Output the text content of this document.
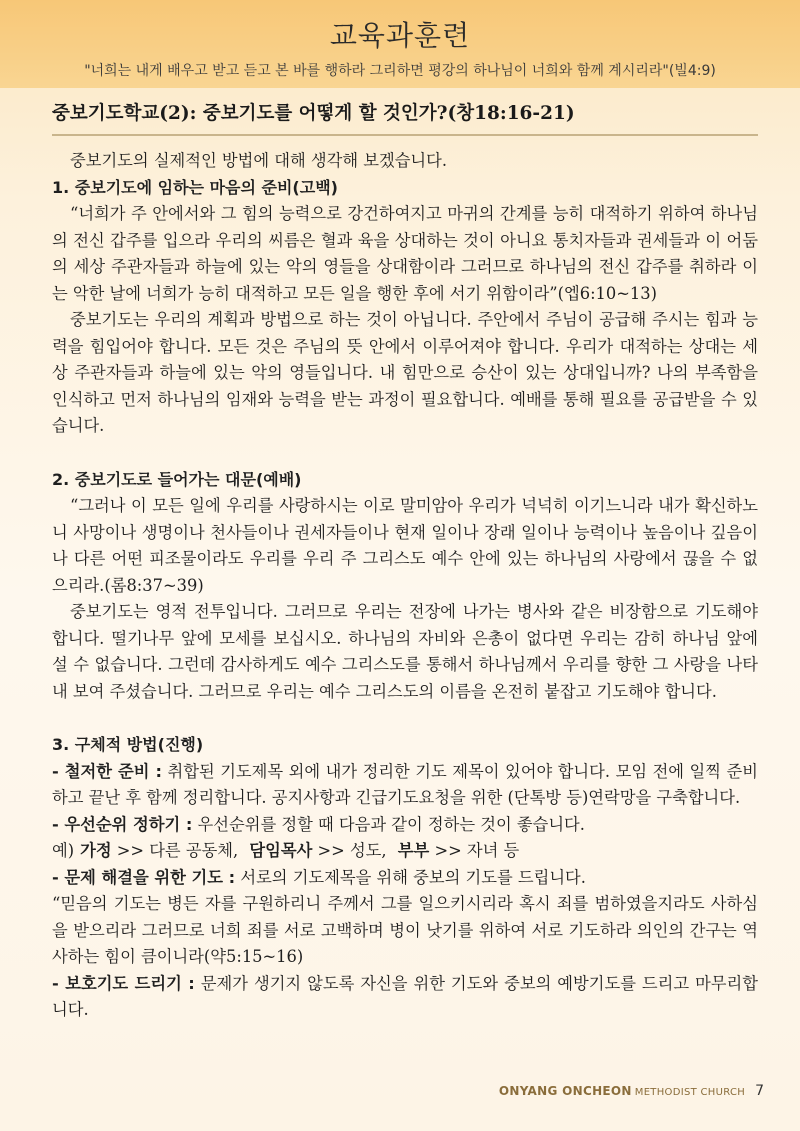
교육과훈련
"너희는 내게 배우고 받고 듣고 본 바를 행하라 그리하면 평강의 하나님이 너희와 함께 계시리라"(빌4:9)
중보기도학교(2): 중보기도를 어떻게 할 것인가?(창18:16-21)

중보기도의 실제적인 방법에 대해 생각해 보겠습니다.

1. 중보기도에 임하는 마음의 준비(고백)

“너희가 주 안에서와 그 힘의 능력으로 강건하여지고 마귀의 간계를 능히 대적하기 위하여 하나님의 전신 갑주를 입으라 우리의 씨름은 혈과 육을 상대하는 것이 아니요 통치자들과 권세들과 이 어둠의 세상 주관자들과 하늘에 있는 악의 영들을 상대함이라 그러므로 하나님의 전신 갑주를 취하라 이는 악한 날에 너희가 능히 대적하고 모든 일을 행한 후에 서기 위함이라”(엡6:10~13)

중보기도는 우리의 계획과 방법으로 하는 것이 아닙니다. 주안에서 주님이 공급해 주시는 힘과 능력을 힘입어야 합니다. 모든 것은 주님의 뜻 안에서 이루어져야 합니다. 우리가 대적하는 상대는 세상 주관자들과 하늘에 있는 악의 영들입니다. 내 힘만으로 승산이 있는 상대입니까? 나의 부족함을 인식하고 먼저 하나님의 임재와 능력을 받는 과정이 필요합니다. 예배를 통해 필요를 공급받을 수 있습니다.

2. 중보기도로 들어가는 대문(예배)

“그러나 이 모든 일에 우리를 사랑하시는 이로 말미암아 우리가 넉넉히 이기느니라 내가 확신하노니 사망이나 생명이나 천사들이나 권세자들이나 현재 일이나 장래 일이나 능력이나 높음이나 깊음이나 다른 어떤 피조물이라도 우리를 우리 주 그리스도 예수 안에 있는 하나님의 사랑에서 끊을 수 없으리라.(롬8:37~39)

중보기도는 영적 전투입니다. 그러므로 우리는 전장에 나가는 병사와 같은 비장함으로 기도해야 합니다. 떨기나무 앞에 모세를 보십시오. 하나님의 자비와 은총이 없다면 우리는 감히 하나님 앞에 설 수 없습니다. 그런데 감사하게도 예수 그리스도를 통해서 하나님께서 우리를 향한 그 사랑을 나타내 보여 주셨습니다. 그러므로 우리는 예수 그리스도의 이름을 온전히 붙잡고 기도해야 합니다.

3. 구체적 방법(진행)

- 철저한 준비 : 취합된 기도제목 외에 내가 정리한 기도 제목이 있어야 합니다. 모임 전에 일찍 준비하고 끝난 후 함께 정리합니다. 공지사항과 긴급기도요청을 위한 (단톡방 등)연락망을 구축합니다.

- 우선순위 정하기 : 우선순위를 정할 때 다음과 같이 정하는 것이 좋습니다.

예) 가정 >> 다른 공동체, 담임목사 >> 성도, 부부 >> 자녀 등

- 문제 해결을 위한 기도 : 서로의 기도제목을 위해 중보의 기도를 드립니다.

“믿음의 기도는 병든 자를 구원하리니 주께서 그를 일으키시리라 혹시 죄를 범하였을지라도 사하심을 받으리라 그러므로 너희 죄를 서로 고백하며 병이 낫기를 위하여 서로 기도하라 의인의 간구는 역사하는 힘이 큼이니라(약5:15~16)

- 보호기도 드리기 : 문제가 생기지 않도록 자신을 위한 기도와 중보의 예방기도를 드리고 마무리합니다.

ONYANG ONCHEON METHODIST CHURCH 7
